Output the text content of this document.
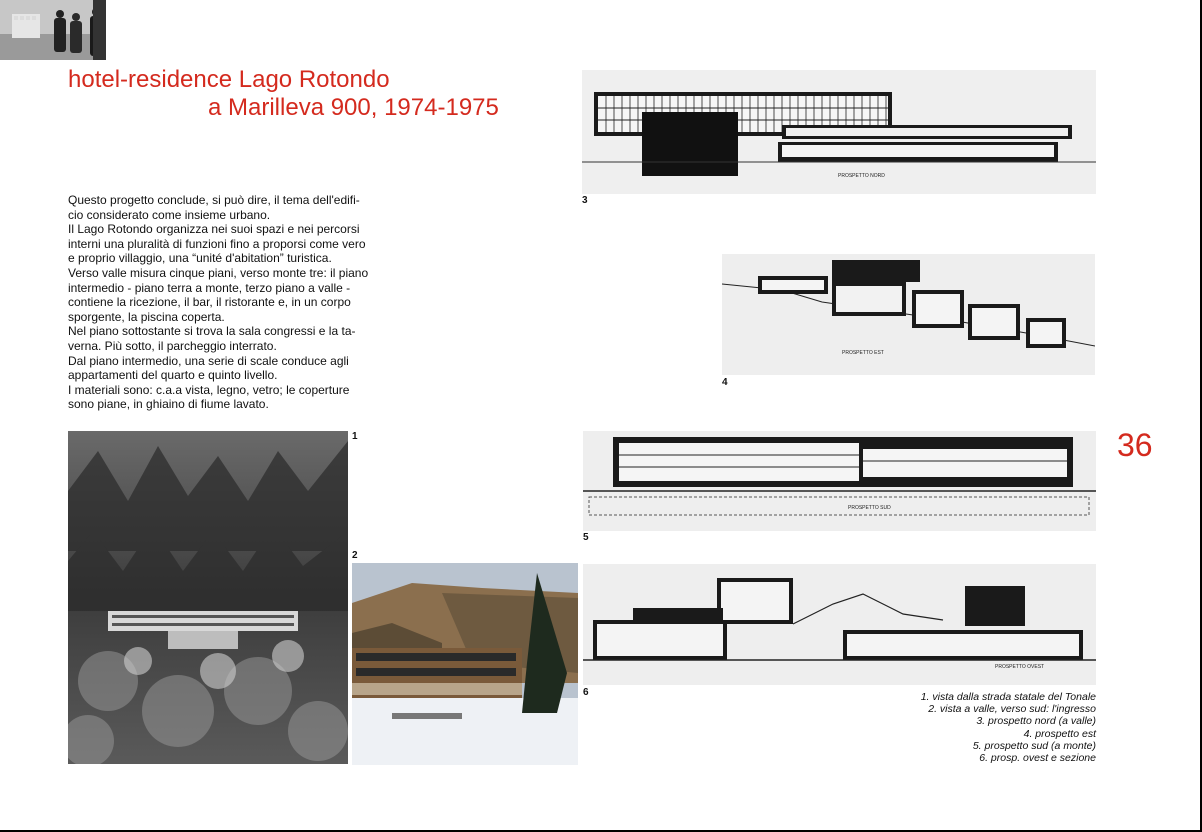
hotel-residence Lago Rotondo
a Marilleva 900, 1974-1975

Questo progetto conclude, si può dire, il tema dell'edifi-

cio considerato come insieme urbano.

Il Lago Rotondo organizza nei suoi spazi e nei percorsi

interni una pluralità di funzioni fino a proporsi come vero

e proprio villaggio, una “unité d'abitation” turistica.

Verso valle misura cinque piani, verso monte tre: il piano

intermedio - piano terra a monte, terzo piano a valle -

contiene la ricezione, il bar, il ristorante e, in un corpo

sporgente, la piscina coperta.

Nel piano sottostante si trova la sala congressi e la ta-

verna. Più sotto, il parcheggio interrato.

Dal piano intermedio, una serie di scale conduce agli

appartamenti del quarto e quinto livello.

I materiali sono: c.a.a vista, legno, vetro; le coperture

sono piane, in ghiaino di fiume lavato.

1
2
PROSPETTO NORD
3
PROSPETTO EST
4
PROSPETTO SUD
5
PROSPETTO OVEST
6
36
1. vista dalla strada statale del Tonale
2. vista a valle, verso sud: l'ingresso
3. prospetto nord (a valle)
4. prospetto est
5. prospetto sud (a monte)
6. prosp. ovest e sezione
